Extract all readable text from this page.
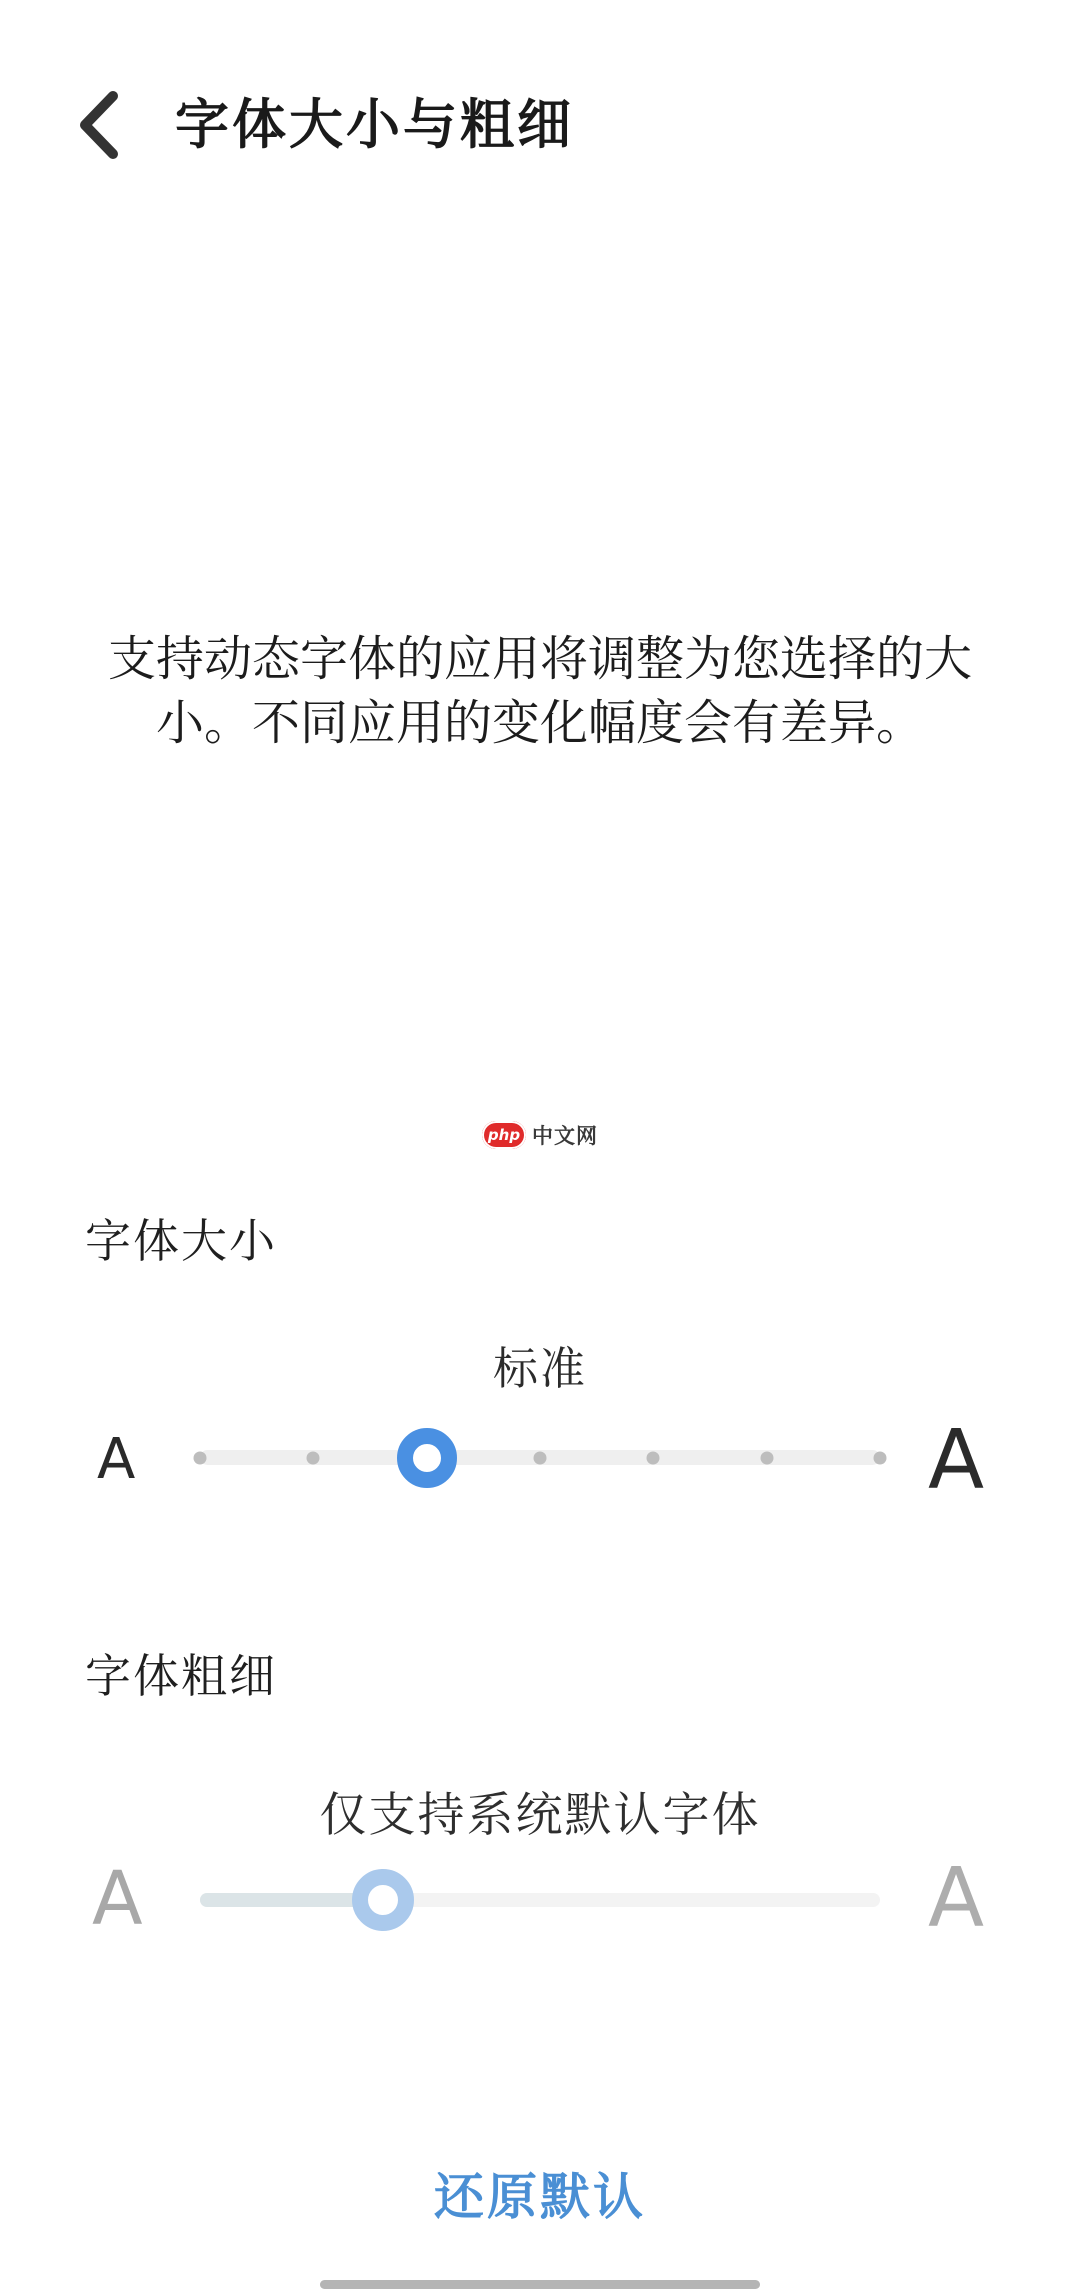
字体大小与粗细
支持动态字体的应用将调整为您选择的大小。不同应用的变化幅度会有差异。
php 中文网
字体大小
标准
A	A
字体粗细
仅支持系统默认字体
A	A
还原默认
